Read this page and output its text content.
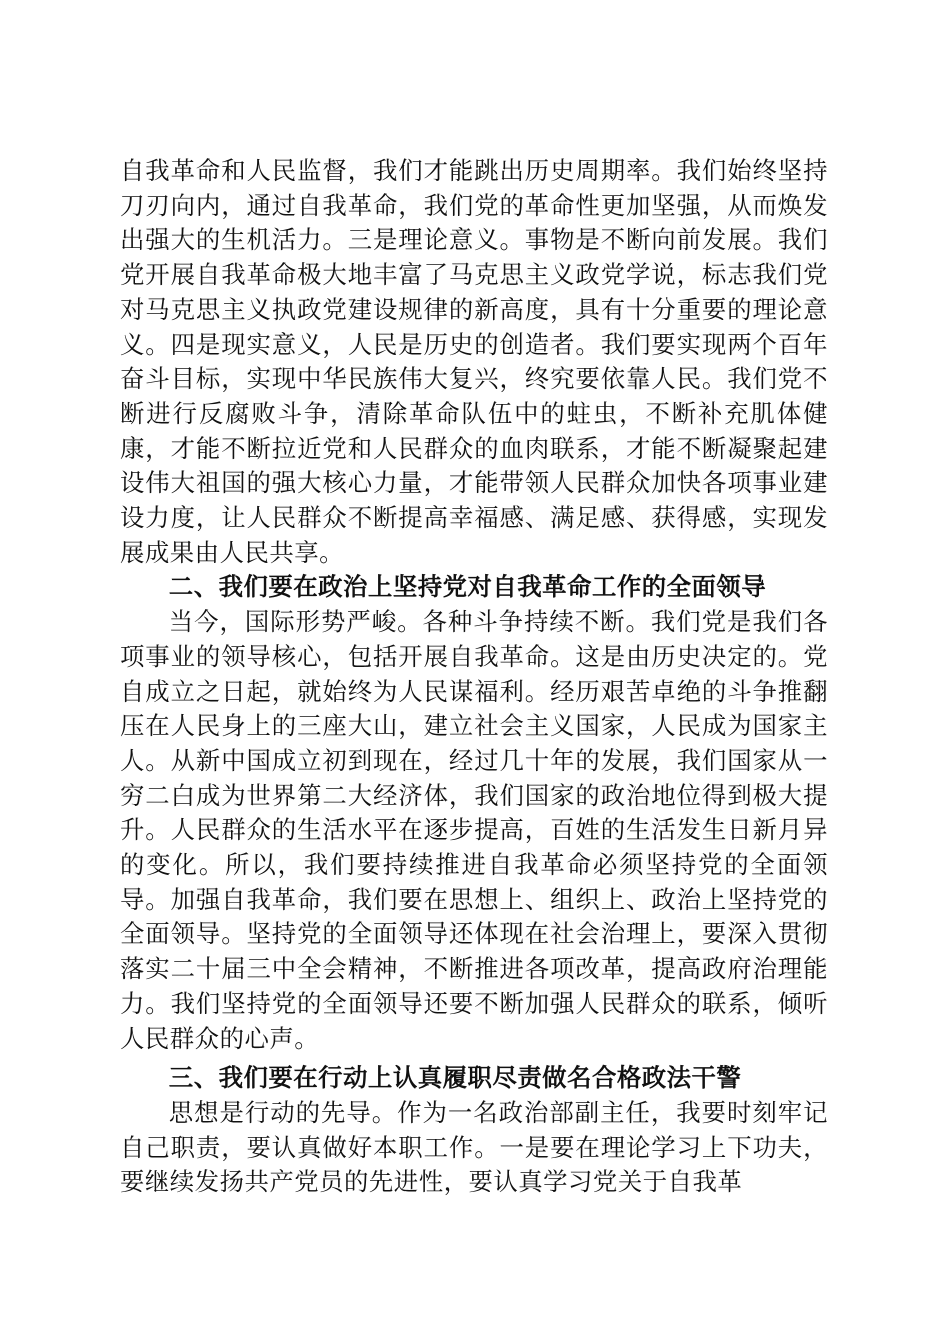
自我革命和人民监督，我们才能跳出历史周期率。我们始终坚持刀刃向内，通过自我革命，我们党的革命性更加坚强，从而焕发出强大的生机活力。三是理论意义。事物是不断向前发展。我们党开展自我革命极大地丰富了马克思主义政党学说，标志我们党对马克思主义执政党建设规律的新高度，具有十分重要的理论意义。四是现实意义，人民是历史的创造者。我们要实现两个百年奋斗目标，实现中华民族伟大复兴，终究要依靠人民。我们党不断进行反腐败斗争，清除革命队伍中的蛀虫，不断补充肌体健康，才能不断拉近党和人民群众的血肉联系，才能不断凝聚起建设伟大祖国的强大核心力量，才能带领人民群众加快各项事业建设力度，让人民群众不断提高幸福感、满足感、获得感，实现发展成果由人民共享。

二、我们要在政治上坚持党对自我革命工作的全面领导

当今，国际形势严峻。各种斗争持续不断。我们党是我们各项事业的领导核心，包括开展自我革命。这是由历史决定的。党自成立之日起，就始终为人民谋福利。经历艰苦卓绝的斗争推翻压在人民身上的三座大山，建立社会主义国家，人民成为国家主人。从新中国成立初到现在，经过几十年的发展，我们国家从一穷二白成为世界第二大经济体，我们国家的政治地位得到极大提升。人民群众的生活水平在逐步提高，百姓的生活发生日新月异的变化。所以，我们要持续推进自我革命必须坚持党的全面领导。加强自我革命，我们要在思想上、组织上、政治上坚持党的全面领导。坚持党的全面领导还体现在社会治理上，要深入贯彻落实二十届三中全会精神，不断推进各项改革，提高政府治理能力。我们坚持党的全面领导还要不断加强人民群众的联系，倾听人民群众的心声。

三、我们要在行动上认真履职尽责做名合格政法干警

思想是行动的先导。作为一名政治部副主任，我要时刻牢记自己职责，要认真做好本职工作。一是要在理论学习上下功夫，要继续发扬共产党员的先进性，要认真学习党关于自我革
